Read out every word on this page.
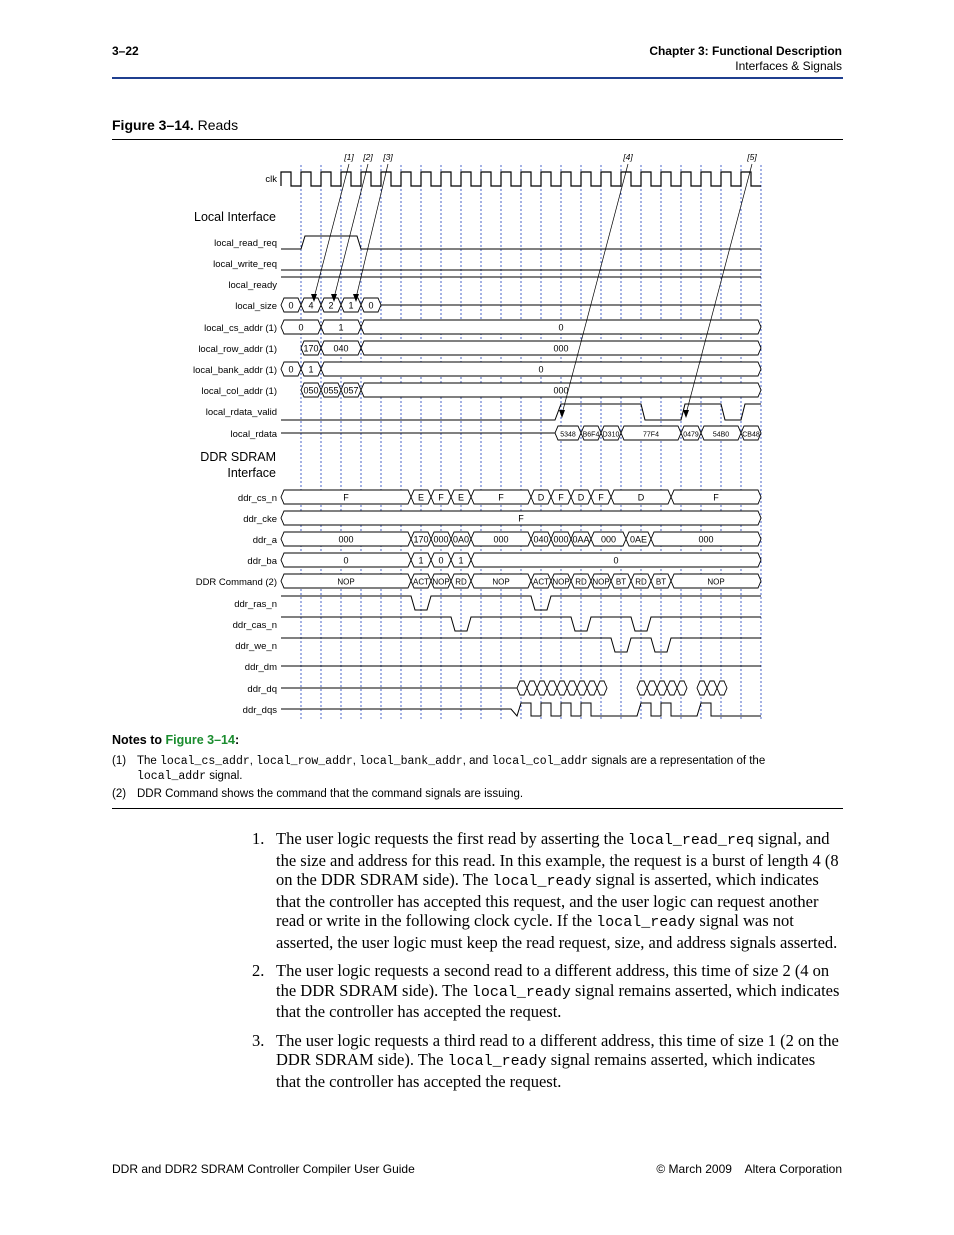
3–22	Chapter 3: Functional Description
Interfaces & Signals
Figure 3–14. Reads
clk
Local Interface
DDR SDRAM
Interface
local_read_req
local_write_req
local_ready
local_size
local_cs_addr (1)
local_row_addr (1)
local_bank_addr (1)
local_col_addr (1)
local_rdata_valid
local_rdata
ddr_cs_n
ddr_cke
ddr_a
ddr_ba
DDR Command (2)
ddr_ras_n
ddr_cas_n
ddr_we_n
ddr_dm
ddr_dq
ddr_dqs
0 4 2 1 0
0	1	0
170 040	000
0 1	0
050 055 057	000
5348 B6F4 D310	77F4	0479 54B0 CB48
F	E F E	F	D F D F	D	F
F
000	170 000 0A0	000	040 000 0AA 000 0AE	000
0	1 0 1	0
NOP	ACT NOP RD	NOP	ACT NOP RD NOP BT RD BT	NOP
[1] [2] [3]	[4]	[5]
Notes to Figure 3–14:
(1) The local_cs_addr, local_row_addr, local_bank_addr, and local_col_addr signals are a representation of the local_addr signal.
(2) DDR Command shows the command that the command signals are issuing.
1. The user logic requests the first read by asserting the local_read_req signal, and the size and address for this read. In this example, the request is a burst of length 4 (8 on the DDR SDRAM side). The local_ready signal is asserted, which indicates that the controller has accepted this request, and the user logic can request another read or write in the following clock cycle. If the local_ready signal was not asserted, the user logic must keep the read request, size, and address signals asserted.
2. The user logic requests a second read to a different address, this time of size 2 (4 on the DDR SDRAM side). The local_ready signal remains asserted, which indicates that the controller has accepted the request.
3. The user logic requests a third read to a different address, this time of size 1 (2 on the DDR SDRAM side). The local_ready signal remains asserted, which indicates that the controller has accepted the request.
DDR and DDR2 SDRAM Controller Compiler User Guide	© March 2009 Altera Corporation
